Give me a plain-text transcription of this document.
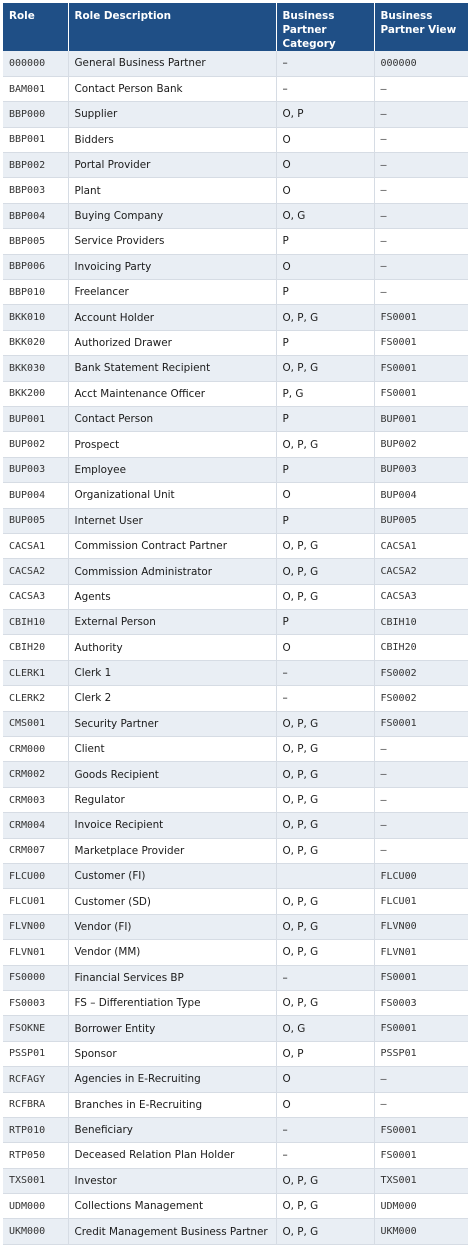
Role	Role Description	Business Partner Category	Business Partner View
000000	General Business Partner	–	000000
BAM001	Contact Person Bank	–	–
BBP000	Supplier	O, P	–
BBP001	Bidders	O	–
BBP002	Portal Provider	O	–
BBP003	Plant	O	–
BBP004	Buying Company	O, G	–
BBP005	Service Providers	P	–
BBP006	Invoicing Party	O	–
BBP010	Freelancer	P	–
BKK010	Account Holder	O, P, G	FS0001
BKK020	Authorized Drawer	P	FS0001
BKK030	Bank Statement Recipient	O, P, G	FS0001
BKK200	Acct Maintenance Officer	P, G	FS0001
BUP001	Contact Person	P	BUP001
BUP002	Prospect	O, P, G	BUP002
BUP003	Employee	P	BUP003
BUP004	Organizational Unit	O	BUP004
BUP005	Internet User	P	BUP005
CACSA1	Commission Contract Partner	O, P, G	CACSA1
CACSA2	Commission Administrator	O, P, G	CACSA2
CACSA3	Agents	O, P, G	CACSA3
CBIH10	External Person	P	CBIH10
CBIH20	Authority	O	CBIH20
CLERK1	Clerk 1	–	FS0002
CLERK2	Clerk 2	–	FS0002
CMS001	Security Partner	O, P, G	FS0001
CRM000	Client	O, P, G	–
CRM002	Goods Recipient	O, P, G	–
CRM003	Regulator	O, P, G	–
CRM004	Invoice Recipient	O, P, G	–
CRM007	Marketplace Provider	O, P, G	–
FLCU00	Customer (FI)		FLCU00
FLCU01	Customer (SD)	O, P, G	FLCU01
FLVN00	Vendor (FI)	O, P, G	FLVN00
FLVN01	Vendor (MM)	O, P, G	FLVN01
FS0000	Financial Services BP	–	FS0001
FS0003	FS – Differentiation Type	O, P, G	FS0003
FSOKNE	Borrower Entity	O, G	FS0001
PSSP01	Sponsor	O, P	PSSP01
RCFAGY	Agencies in E-Recruiting	O	–
RCFBRA	Branches in E-Recruiting	O	–
RTP010	Beneficiary	–	FS0001
RTP050	Deceased Relation Plan Holder	–	FS0001
TXS001	Investor	O, P, G	TXS001
UDM000	Collections Management	O, P, G	UDM000
UKM000	Credit Management Business Partner	O, P, G	UKM000
